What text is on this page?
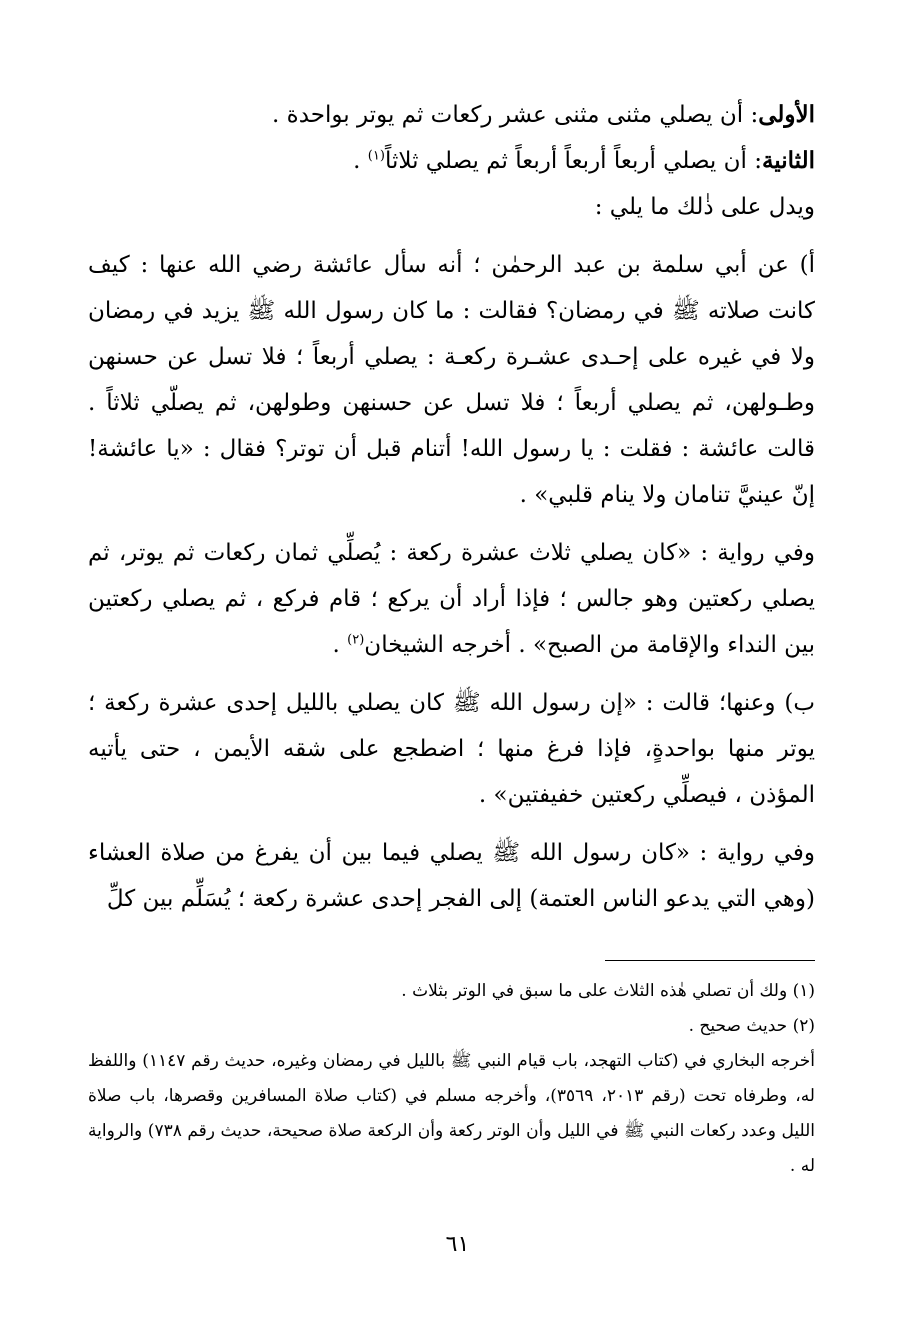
الأولى: أن يصلي مثنى مثنى عشر ركعات ثم يوتر بواحدة .

الثانية: أن يصلي أربعاً أربعاً أربعاً ثم يصلي ثلاثاً$^{(١)}$ .

ويدل على ذٰلك ما يلي :

أ) عن أبي سلمة بن عبد الرحمٰن ؛ أنه سأل عائشة رضي الله عنها : كيف كانت صلاته ﷺ في رمضان؟ فقالت : ما كان رسول الله ﷺ يزيد في رمضان ولا في غيره على إحـدى عشـرة ركعـة : يصلي أربعاً ؛ فلا تسل عن حسنهن وطـولهن، ثم يصلي أربعاً ؛ فلا تسل عن حسنهن وطولهن، ثم يصلّي ثلاثاً . قالت عائشة : فقلت : يا رسول الله! أتنام قبل أن توتر؟ فقال : «يا عائشة! إنّ عينيَّ تنامان ولا ينام قلبي» .

وفي رواية : «كان يصلي ثلاث عشرة ركعة : يُصلِّي ثمان ركعات ثم يوتر، ثم يصلي ركعتين وهو جالس ؛ فإذا أراد أن يركع ؛ قام فركع ، ثم يصلي ركعتين بين النداء والإقامة من الصبح» . أخرجه الشيخان$^{(٢)}$ .

ب) وعنها؛ قالت : «إن رسول الله ﷺ كان يصلي بالليل إحدى عشرة ركعة ؛ يوتر منها بواحدةٍ، فإذا فرغ منها ؛ اضطجع على شقه الأيمن ، حتى يأتيه المؤذن ، فيصلِّي ركعتين خفيفتين» .

وفي رواية : «كان رسول الله ﷺ يصلي فيما بين أن يفرغ من صلاة العشاء (وهي التي يدعو الناس العتمة) إلى الفجر إحدى عشرة ركعة ؛ يُسَلِّم بين كلِّ

(١) ولك أن تصلي هٰذه الثلاث على ما سبق في الوتر بثلاث .

(٢) حديث صحيح .

أخرجه البخاري في (كتاب التهجد، باب قيام النبي ﷺ بالليل في رمضان وغيره، حديث رقم ١١٤٧) واللفظ له، وطرفاه تحت (رقم ٢٠١٣، ٣٥٦٩)، وأخرجه مسلم في (كتاب صلاة المسافرين وقصرها، باب صلاة الليل وعدد ركعات النبي ﷺ في الليل وأن الوتر ركعة وأن الركعة صلاة صحيحة، حديث رقم ٧٣٨) والرواية له .

٦١
